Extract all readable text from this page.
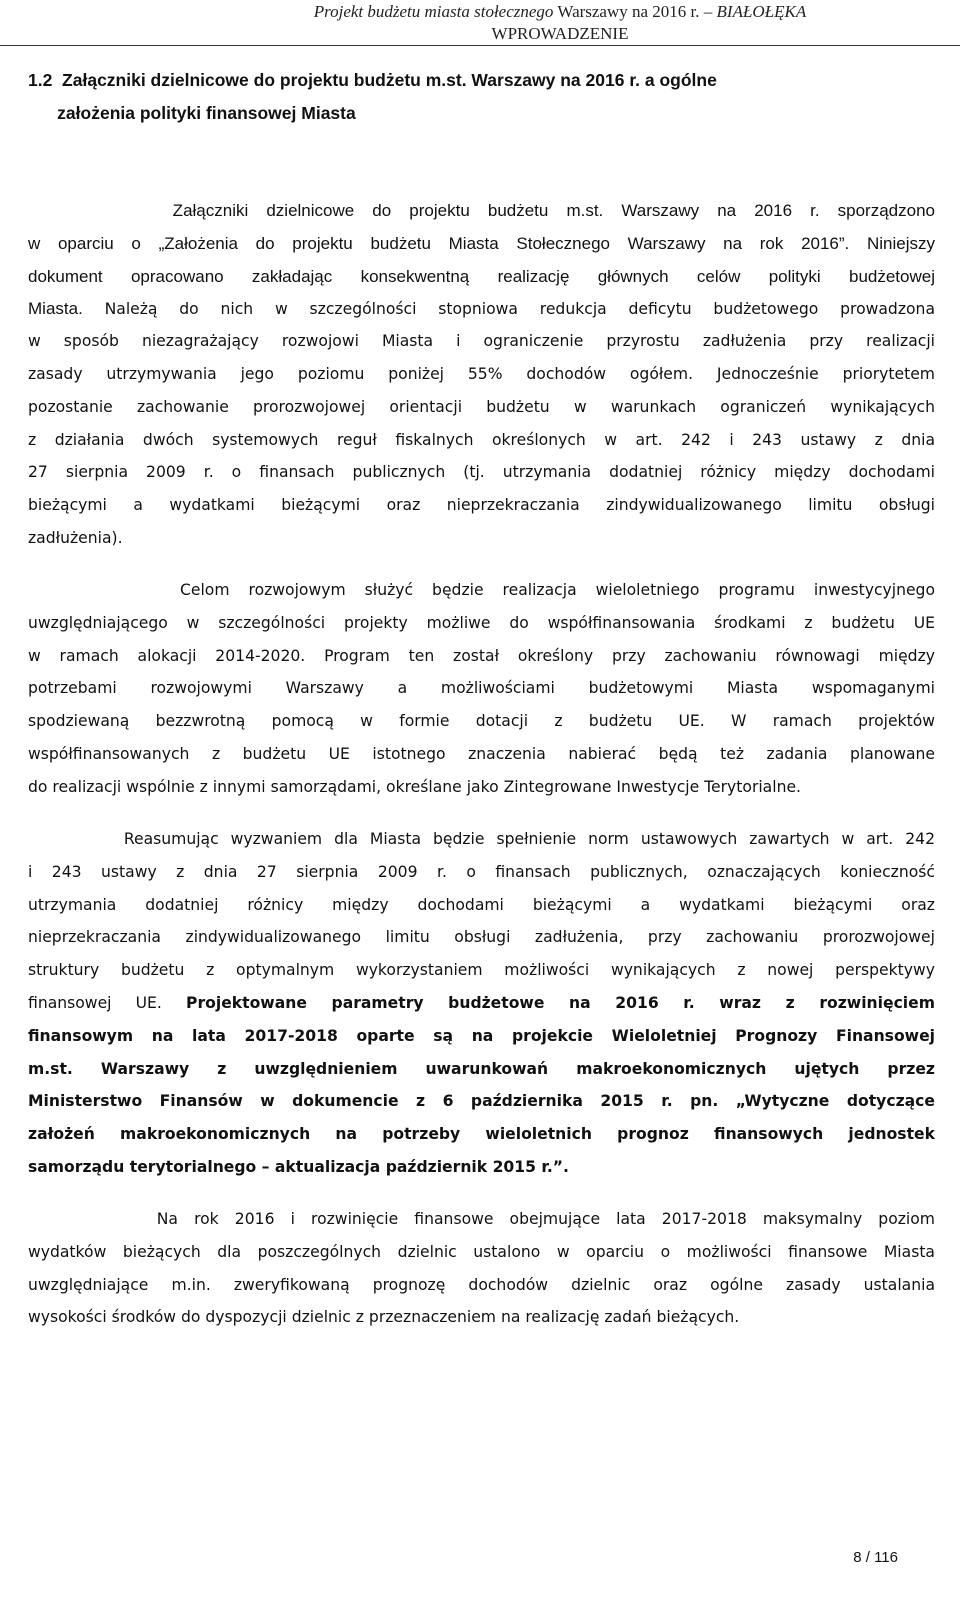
Projekt budżetu miasta stołecznego Warszawy na 2016 r. – BIAŁOŁĘKA
WPROWADZENIE
1.2  Załączniki dzielnicowe do projektu budżetu m.st. Warszawy na 2016 r. a ogólne
założenia polityki finansowej Miasta
Załączniki dzielnicowe do projektu budżetu m.st. Warszawy na 2016 r. sporządzono
w oparciu o „Założenia do projektu budżetu Miasta Stołecznego Warszawy na rok 2016”. Niniejszy
dokument opracowano zakładając konsekwentną realizację głównych celów polityki budżetowej
Miasta. Należą do nich w szczególności stopniowa redukcja deficytu budżetowego prowadzona
w sposób niezagrażający rozwojowi Miasta i ograniczenie przyrostu zadłużenia przy realizacji
zasady utrzymywania jego poziomu poniżej 55% dochodów ogółem. Jednocześnie priorytetem
pozostanie zachowanie prorozwojowej orientacji budżetu w warunkach ograniczeń wynikających
z działania dwóch systemowych reguł fiskalnych określonych w art. 242 i 243 ustawy z dnia
27 sierpnia 2009 r. o finansach publicznych (tj. utrzymania dodatniej różnicy między dochodami
bieżącymi a wydatkami bieżącymi oraz nieprzekraczania zindywidualizowanego limitu obsługi
zadłużenia).
Celom rozwojowym służyć będzie realizacja wieloletniego programu inwestycyjnego
uwzględniającego w szczególności projekty możliwe do współfinansowania środkami z budżetu UE
w ramach alokacji 2014-2020. Program ten został określony przy zachowaniu równowagi między
potrzebami rozwojowymi Warszawy a możliwościami budżetowymi Miasta wspomaganymi
spodziewaną bezzwrotną pomocą w formie dotacji z budżetu UE. W ramach projektów
współfinansowanych z budżetu UE istotnego znaczenia nabierać będą też zadania planowane
do realizacji wspólnie z innymi samorządami, określane jako Zintegrowane Inwestycje Terytorialne.
Reasumując wyzwaniem dla Miasta będzie spełnienie norm ustawowych zawartych w art. 242
i 243 ustawy z dnia 27 sierpnia 2009 r. o finansach publicznych, oznaczających konieczność
utrzymania dodatniej różnicy między dochodami bieżącymi a wydatkami bieżącymi oraz
nieprzekraczania zindywidualizowanego limitu obsługi zadłużenia, przy zachowaniu prorozwojowej
struktury budżetu z optymalnym wykorzystaniem możliwości wynikających z nowej perspektywy
finansowej UE. Projektowane parametry budżetowe na 2016 r. wraz z rozwinięciem
finansowym na lata 2017-2018 oparte są na projekcie Wieloletniej Prognozy Finansowej
m.st. Warszawy z uwzględnieniem uwarunkowań makroekonomicznych ujętych przez
Ministerstwo Finansów w dokumencie z 6 października 2015 r. pn. „Wytyczne dotyczące
założeń makroekonomicznych na potrzeby wieloletnich prognoz finansowych jednostek
samorządu terytorialnego – aktualizacja październik 2015 r.”.
Na rok 2016 i rozwinięcie finansowe obejmujące lata 2017-2018 maksymalny poziom
wydatków bieżących dla poszczególnych dzielnic ustalono w oparciu o możliwości finansowe Miasta
uwzględniające m.in. zweryfikowaną prognozę dochodów dzielnic oraz ogólne zasady ustalania
wysokości środków do dyspozycji dzielnic z przeznaczeniem na realizację zadań bieżących.
8 / 116
